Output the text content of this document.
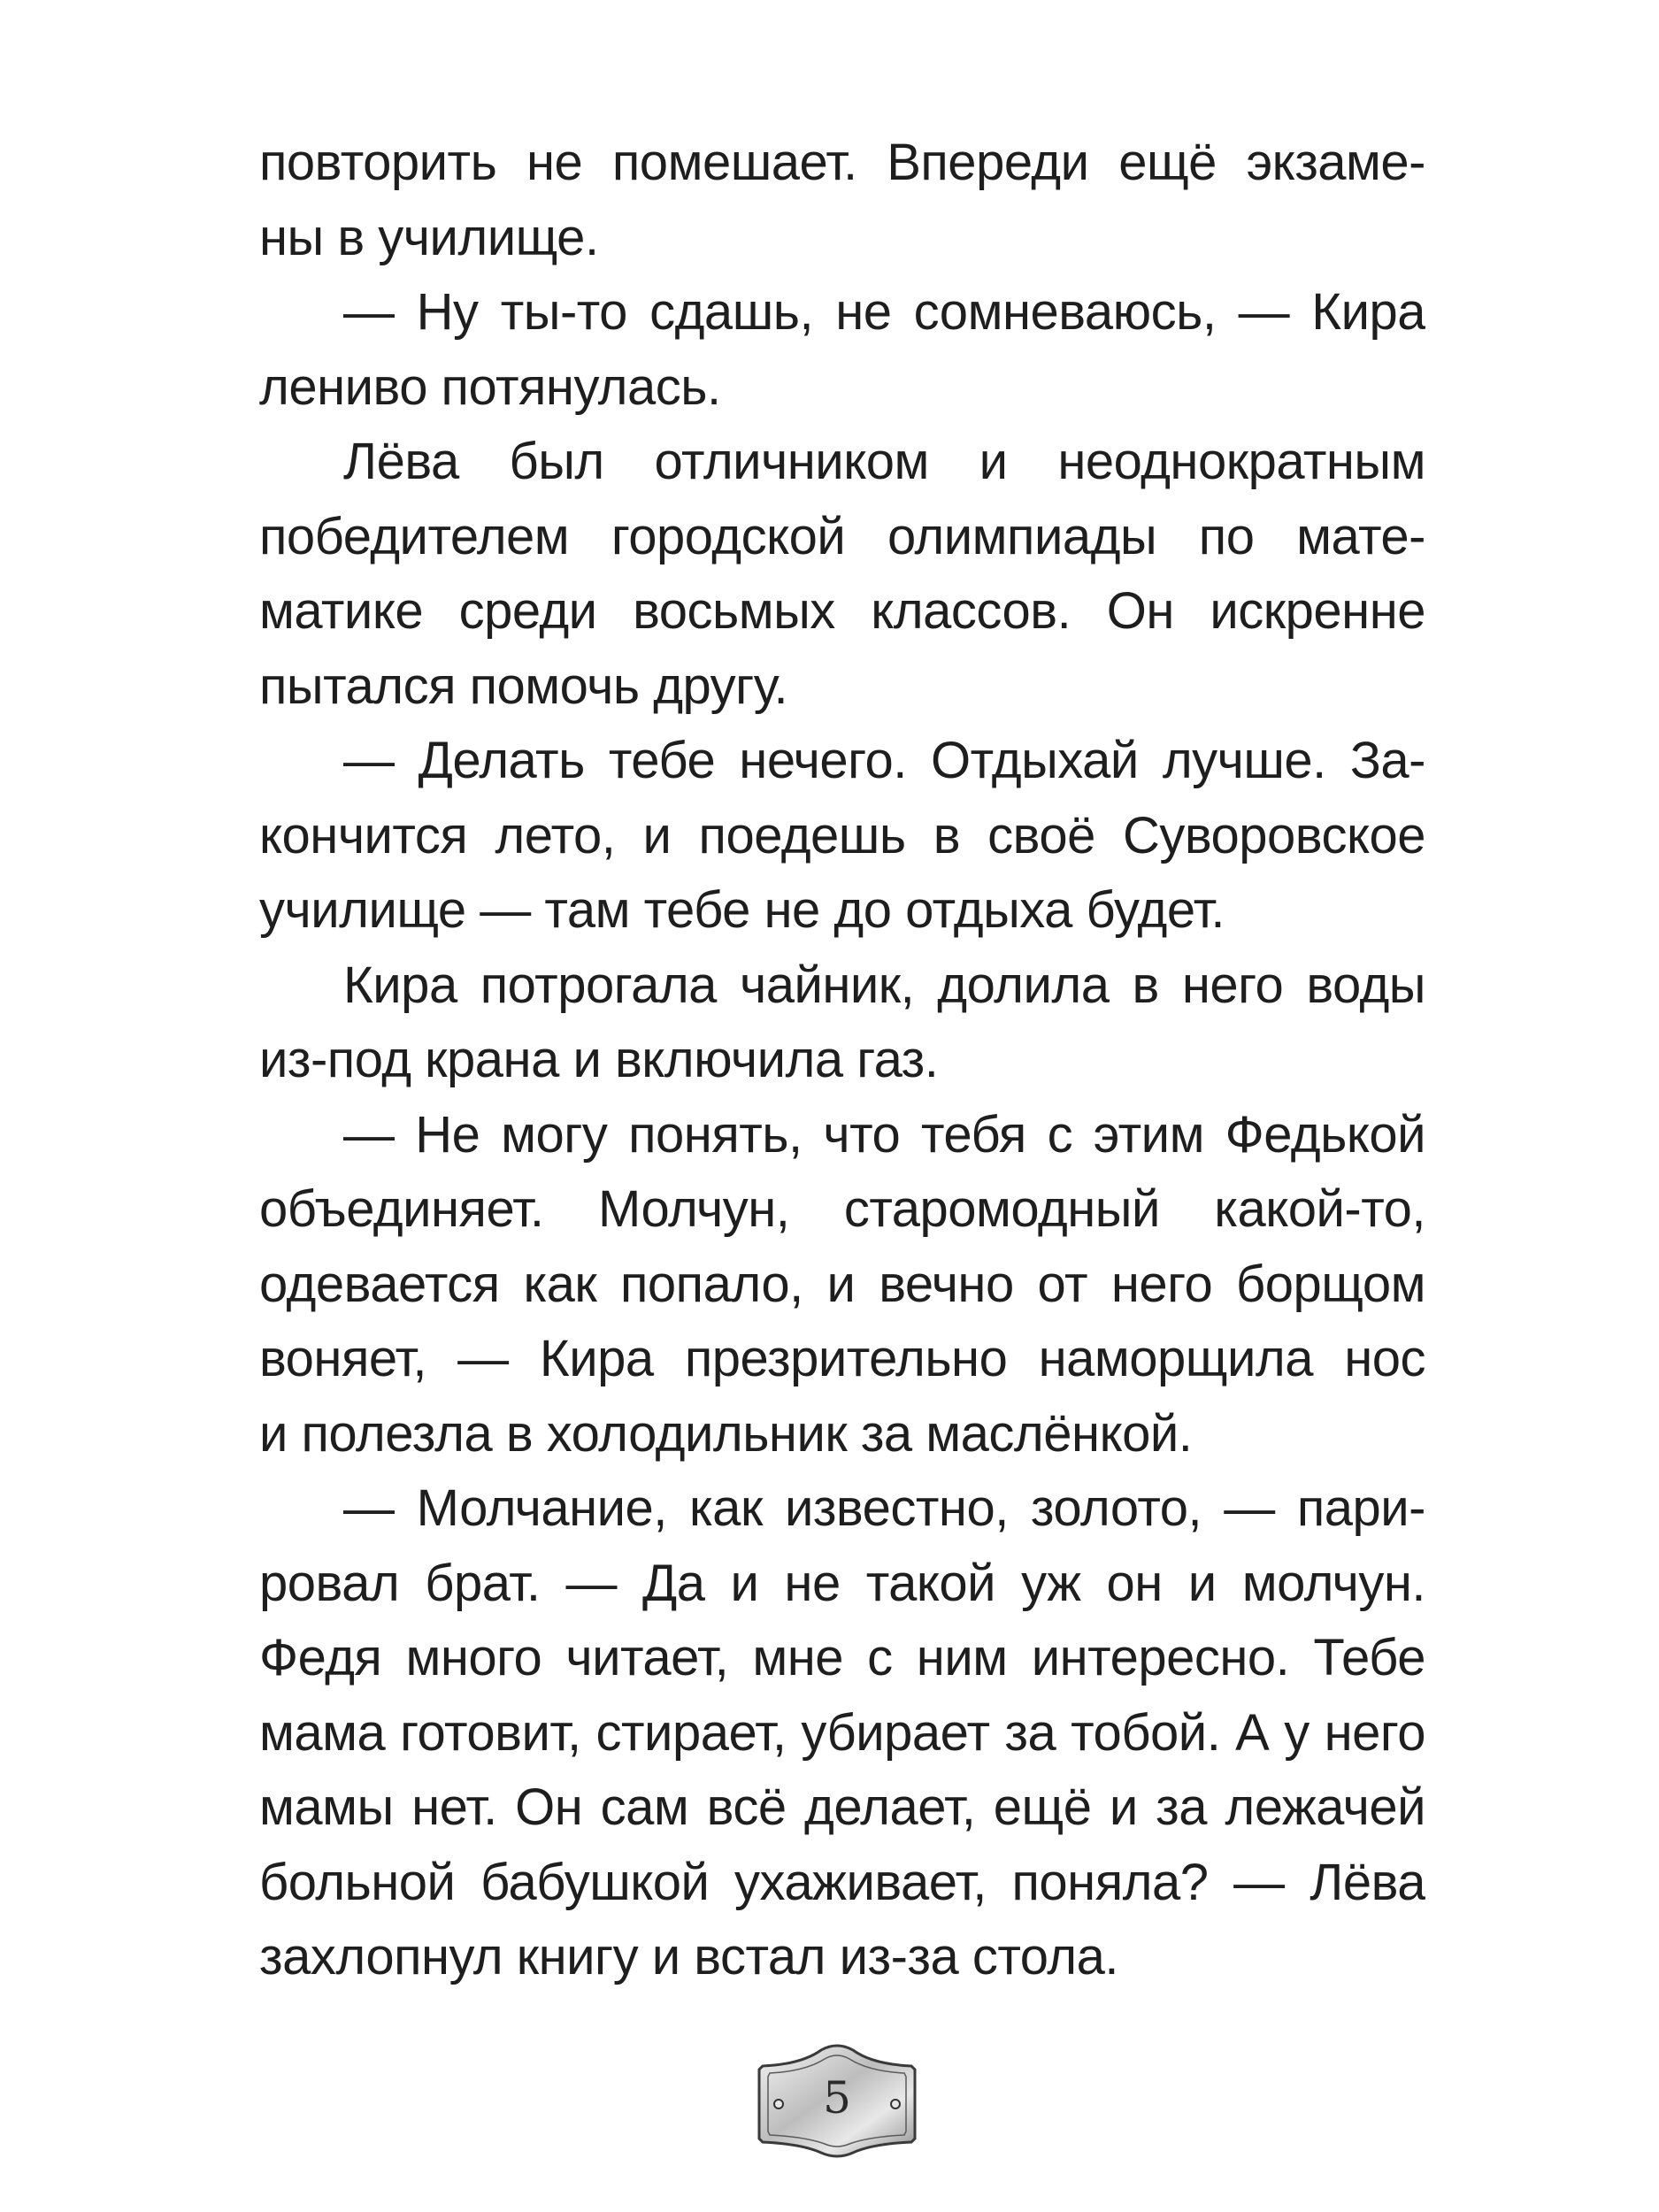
повторить не помешает. Впереди ещё экзаме-
ны в училище.
— Ну ты-то сдашь, не сомневаюсь, — Кира
лениво потянулась.
Лёва был отличником и неоднократным
победителем городской олимпиады по мате-
матике среди восьмых классов. Он искренне
пытался помочь другу.
— Делать тебе нечего. Отдыхай лучше. За-
кончится лето, и поедешь в своё Суворовское
училище — там тебе не до отдыха будет.
Кира потрогала чайник, долила в него воды
из-под крана и включила газ.
— Не могу понять, что тебя с этим Федькой
объединяет. Молчун, старомодный какой-то,
одевается как попало, и вечно от него борщом
воняет, — Кира презрительно наморщила нос
и полезла в холодильник за маслёнкой.
— Молчание, как известно, золото, — пари-
ровал брат. — Да и не такой уж он и молчун.
Федя много читает, мне с ним интересно. Тебе
мама готовит, стирает, убирает за тобой. А у него
мамы нет. Он сам всё делает, ещё и за лежачей
больной бабушкой ухаживает, поняла? — Лёва
захлопнул книгу и встал из-за стола.
5
